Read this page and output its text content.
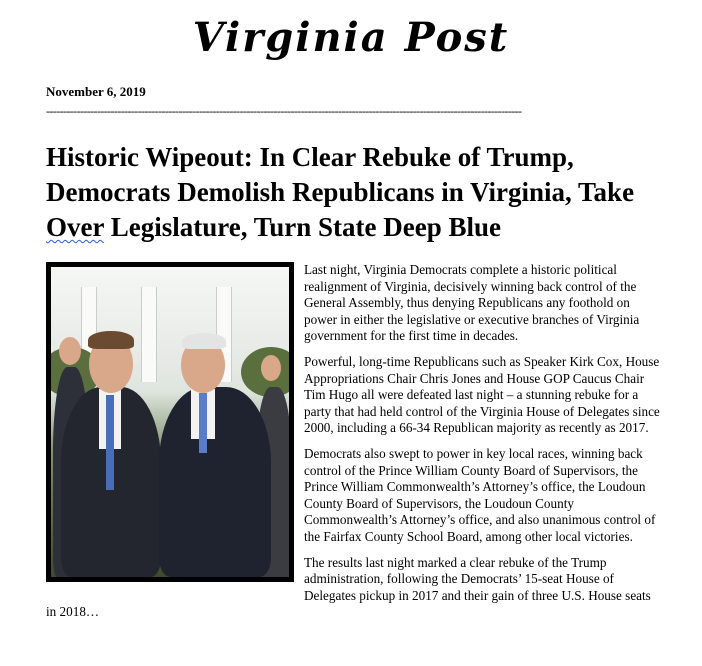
Virginia Post
November 6, 2019
--------------------------------------------------------------------------------------------------------------------------------------------
Historic Wipeout: In Clear Rebuke of Trump, Democrats Demolish Republicans in Virginia, Take Over Legislature, Turn State Deep Blue

Last night, Virginia Democrats complete a historic political realignment of Virginia, decisively winning back control of the General Assembly, thus denying Republicans any foothold on power in either the legislative or executive branches of Virginia government for the first time in decades.

Powerful, long-time Republicans such as Speaker Kirk Cox, House Appropriations Chair Chris Jones and House GOP Caucus Chair Tim Hugo all were defeated last night – a stunning rebuke for a party that had held control of the Virginia House of Delegates since 2000, including a 66-34 Republican majority as recently as 2017.

Democrats also swept to power in key local races, winning back control of the Prince William County Board of Supervisors, the Prince William Commonwealth’s Attorney’s office, the Loudoun County Board of Supervisors, the Loudoun County Commonwealth’s Attorney’s office, and also unanimous control of the Fairfax County School Board, among other local victories.

The results last night marked a clear rebuke of the Trump administration, following the Democrats’ 15-seat House of Delegates pickup in 2017 and their gain of three U.S. House seats in 2018…
